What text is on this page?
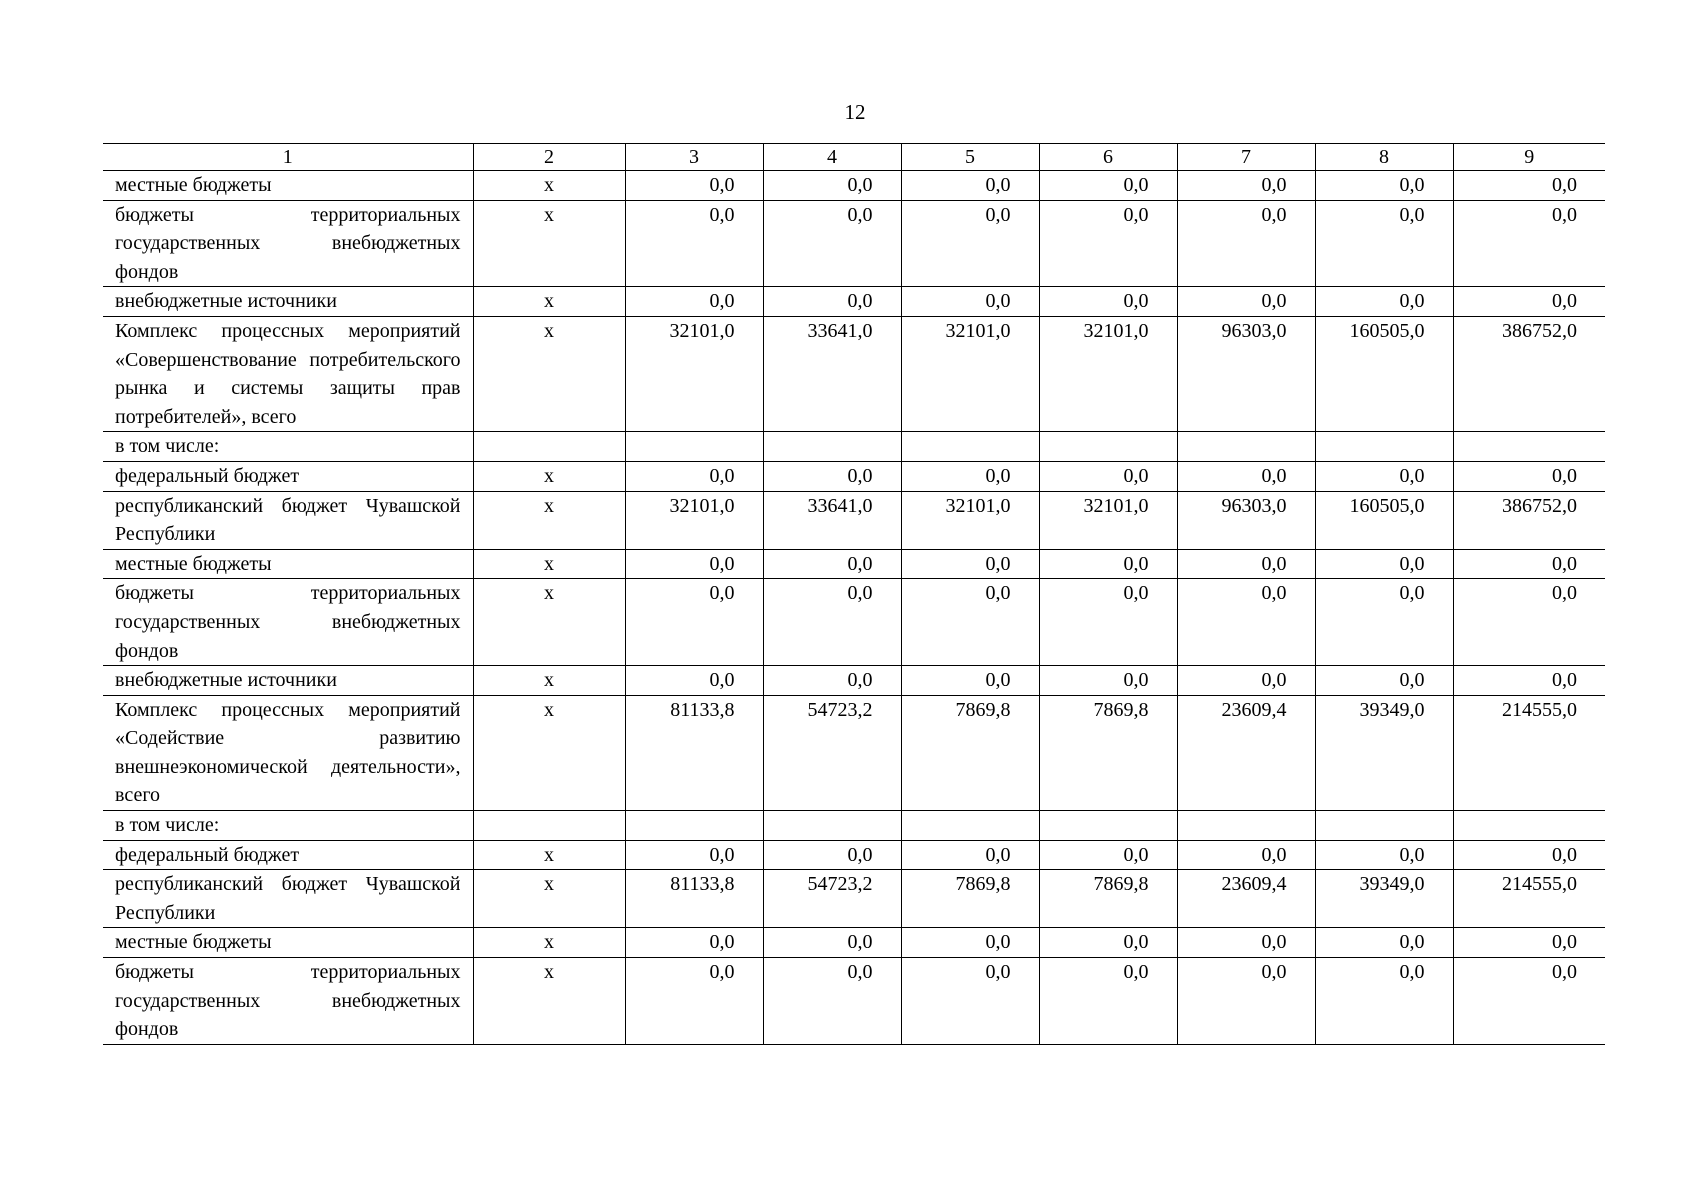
12
1	2	3	4	5	6	7	8	9
местные бюджеты	x	0,0	0,0	0,0	0,0	0,0	0,0	0,0
бюджеты территориальных государственных внебюджетных фондов	x	0,0	0,0	0,0	0,0	0,0	0,0	0,0
внебюджетные источники	x	0,0	0,0	0,0	0,0	0,0	0,0	0,0
Комплекс процессных мероприятий «Совершенствование потребительского рынка и системы защиты прав потребителей», всего	x	32101,0	33641,0	32101,0	32101,0	96303,0	160505,0	386752,0
в том числе:								
федеральный бюджет	x	0,0	0,0	0,0	0,0	0,0	0,0	0,0
республиканский бюджет Чувашской Республики	x	32101,0	33641,0	32101,0	32101,0	96303,0	160505,0	386752,0
местные бюджеты	x	0,0	0,0	0,0	0,0	0,0	0,0	0,0
бюджеты территориальных государственных внебюджетных фондов	x	0,0	0,0	0,0	0,0	0,0	0,0	0,0
внебюджетные источники	x	0,0	0,0	0,0	0,0	0,0	0,0	0,0
Комплекс процессных мероприятий «Содействие развитию внешнеэкономической деятельности», всего	x	81133,8	54723,2	7869,8	7869,8	23609,4	39349,0	214555,0
в том числе:								
федеральный бюджет	x	0,0	0,0	0,0	0,0	0,0	0,0	0,0
республиканский бюджет Чувашской Республики	x	81133,8	54723,2	7869,8	7869,8	23609,4	39349,0	214555,0
местные бюджеты	x	0,0	0,0	0,0	0,0	0,0	0,0	0,0
бюджеты территориальных государственных внебюджетных фондов	x	0,0	0,0	0,0	0,0	0,0	0,0	0,0
